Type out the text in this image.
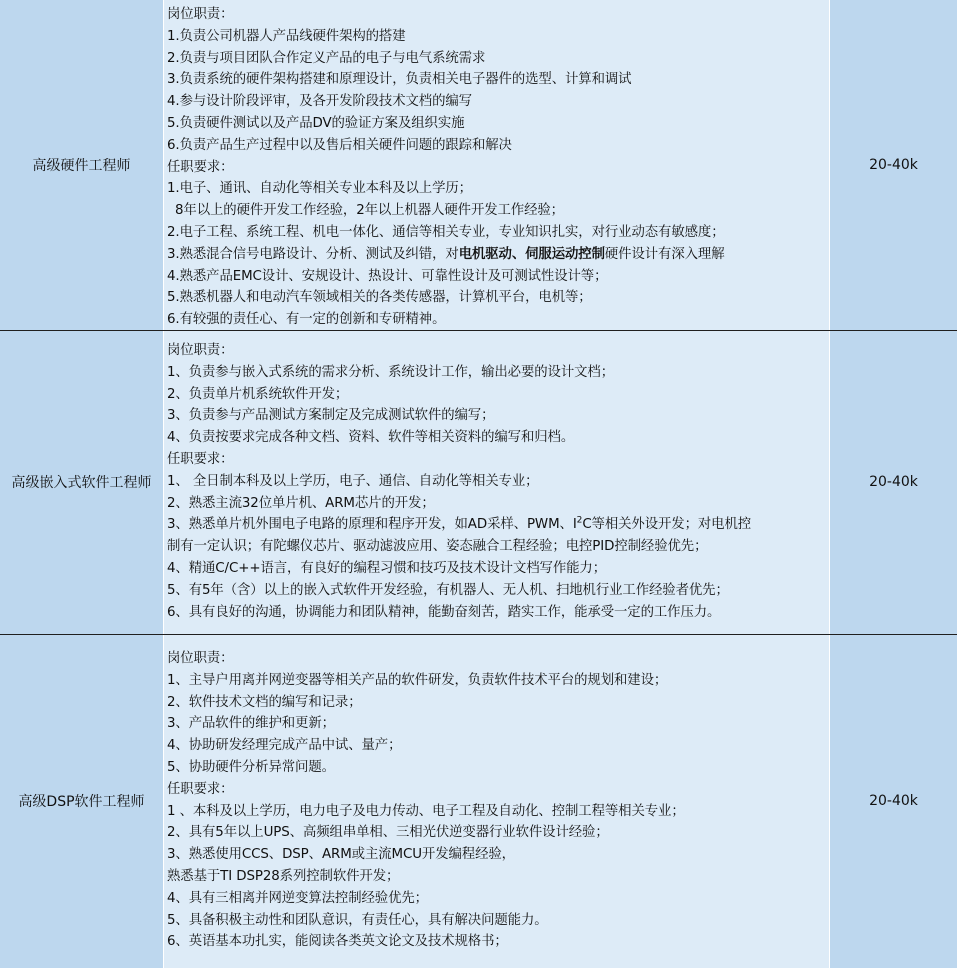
高级硬件工程师
岗位职责：
1.负责公司机器人产品线硬件架构的搭建
2.负责与项目团队合作定义产品的电子与电气系统需求
3.负责系统的硬件架构搭建和原理设计，负责相关电子器件的选型、计算和调试
4.参与设计阶段评审，及各开发阶段技术文档的编写
5.负责硬件测试以及产品DV的验证方案及组织实施
6.负责产品生产过程中以及售后相关硬件问题的跟踪和解决
任职要求：
1.电子、通讯、自动化等相关专业本科及以上学历；
8年以上的硬件开发工作经验，2年以上机器人硬件开发工作经验；
2.电子工程、系统工程、机电一体化、通信等相关专业，专业知识扎实，对行业动态有敏感度；
3.熟悉混合信号电路设计、分析、测试及纠错，对电机驱动、伺服运动控制硬件设计有深入理解
4.熟悉产品EMC设计、安规设计、热设计、可靠性设计及可测试性设计等；
5.熟悉机器人和电动汽车领域相关的各类传感器，计算机平台，电机等；
6.有较强的责任心、有一定的创新和专研精神。
20-40k
高级嵌入式软件工程师
岗位职责：
1、负责参与嵌入式系统的需求分析、系统设计工作，输出必要的设计文档；
2、负责单片机系统软件开发；
3、负责参与产品测试方案制定及完成测试软件的编写；
4、负责按要求完成各种文档、资料、软件等相关资料的编写和归档。
任职要求：
1、 全日制本科及以上学历，电子、通信、自动化等相关专业；
2、熟悉主流32位单片机、ARM芯片的开发；
3、熟悉单片机外围电子电路的原理和程序开发，如AD采样、PWM、$I^2C$等相关外设开发；对电机控
制有一定认识；有陀螺仪芯片、驱动滤波应用、姿态融合工程经验；电控PID控制经验优先；
4、精通C/C++语言，有良好的编程习惯和技巧及技术设计文档写作能力；
5、有5年（含）以上的嵌入式软件开发经验，有机器人、无人机、扫地机行业工作经验者优先；
6、具有良好的沟通，协调能力和团队精神，能勤奋刻苦，踏实工作，能承受一定的工作压力。
20-40k
高级DSP软件工程师
岗位职责：
1、主导户用离并网逆变器等相关产品的软件研发，负责软件技术平台的规划和建设；
2、软件技术文档的编写和记录；
3、产品软件的维护和更新；
4、协助研发经理完成产品中试、量产；
5、协助硬件分析异常问题。
任职要求：
1 、本科及以上学历，电力电子及电力传动、电子工程及自动化、控制工程等相关专业；
2、具有5年以上UPS、高频组串单相、三相光伏逆变器行业软件设计经验；
3、熟悉使用CCS、DSP、ARM或主流MCU开发编程经验，
熟悉基于TI DSP28系列控制软件开发；
4、具有三相离并网逆变算法控制经验优先；
5、具备积极主动性和团队意识，有责任心，具有解决问题能力。
6、英语基本功扎实，能阅读各类英文论文及技术规格书；
20-40k
